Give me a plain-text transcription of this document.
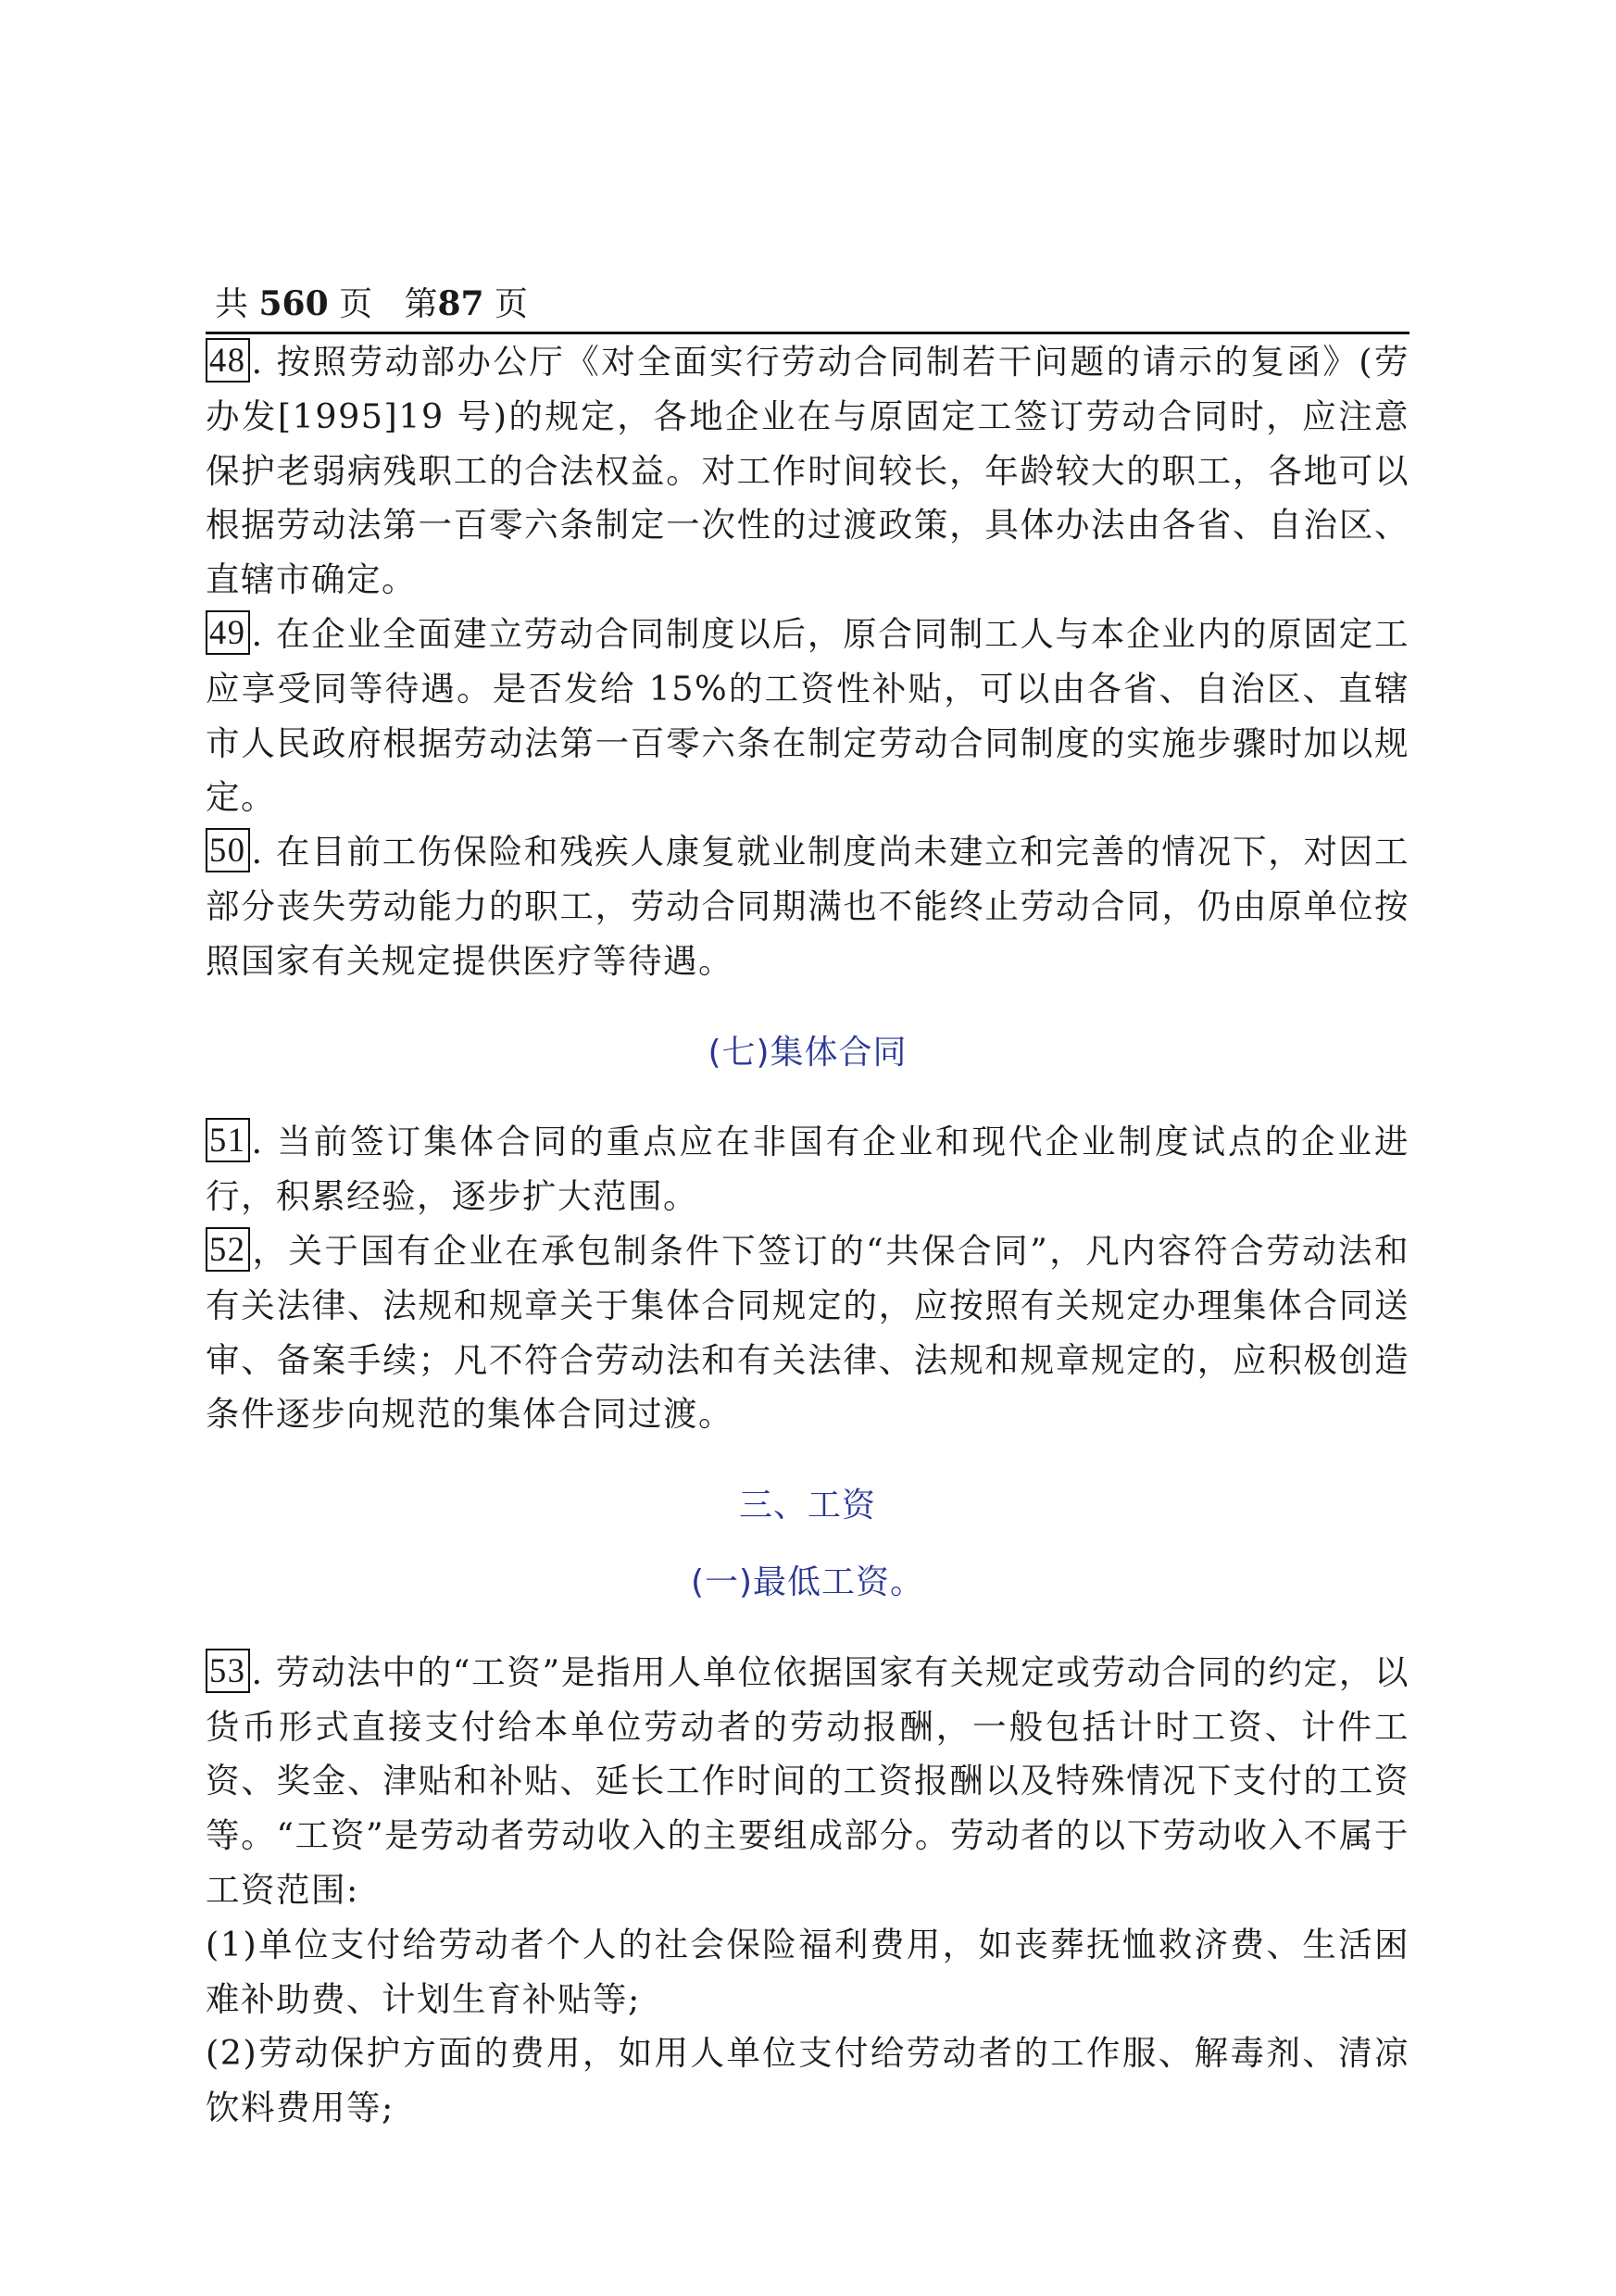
共 560 页 第87 页

48 . 按照劳动部办公厅《对全面实行劳动合同制若干问题的请示的复函》(劳办发[1995]19 号)的规定，各地企业在与原固定工签订劳动合同时，应注意保护老弱病残职工的合法权益。对工作时间较长，年龄较大的职工，各地可以根据劳动法第一百零六条制定一次性的过渡政策，具体办法由各省、自治区、直辖市确定。

49 . 在企业全面建立劳动合同制度以后，原合同制工人与本企业内的原固定工应享受同等待遇。是否发给 15%的工资性补贴，可以由各省、自治区、直辖市人民政府根据劳动法第一百零六条在制定劳动合同制度的实施步骤时加以规定。

50 . 在目前工伤保险和残疾人康复就业制度尚未建立和完善的情况下，对因工部分丧失劳动能力的职工，劳动合同期满也不能终止劳动合同，仍由原单位按照国家有关规定提供医疗等待遇。

(七)集体合同

51 . 当前签订集体合同的重点应在非国有企业和现代企业制度试点的企业进行，积累经验，逐步扩大范围。

52 ，关于国有企业在承包制条件下签订的“共保合同”，凡内容符合劳动法和有关法律、法规和规章关于集体合同规定的，应按照有关规定办理集体合同送审、备案手续；凡不符合劳动法和有关法律、法规和规章规定的，应积极创造条件逐步向规范的集体合同过渡。

三、工资

(一)最低工资。

53 . 劳动法中的“工资”是指用人单位依据国家有关规定或劳动合同的约定，以货币形式直接支付给本单位劳动者的劳动报酬，一般包括计时工资、计件工资、奖金、津贴和补贴、延长工作时间的工资报酬以及特殊情况下支付的工资等。“工资”是劳动者劳动收入的主要组成部分。劳动者的以下劳动收入不属于工资范围:

(1)单位支付给劳动者个人的社会保险福利费用，如丧葬抚恤救济费、生活困难补助费、计划生育补贴等;

(2)劳动保护方面的费用，如用人单位支付给劳动者的工作服、解毒剂、清凉饮料费用等;
